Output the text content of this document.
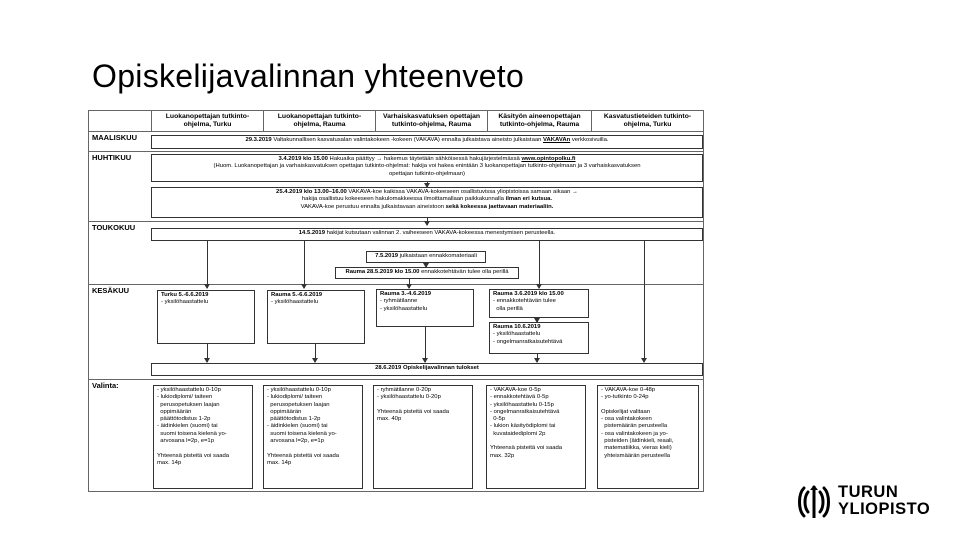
Opiskelijavalinnan yhteenveto
Luokanopettajan tutkinto-
ohjelma, Turku
Luokanopettajan tutkinto-
ohjelma, Rauma
Varhaiskasvatuksen opettajan
tutkinto-ohjelma, Rauma
Käsityön aineenopettajan
tutkinto-ohjelma, Rauma
Kasvatustieteiden tutkinto-
ohjelma, Turku
MAALISKUU
HUHTIKUU
TOUKOKUU
KESÄKUU
Valinta:
29.3.2019 Valtakunnallisen kasvatusalan valintakokeen -kokeen (VAKAVA) ennalta julkaistava aineisto julkaistaan VAKAVAn verkkosivuilla.
3.4.2019 klo 15.00 Hakuaika päättyy → hakemus täytetään sähköisessä hakujärjestelmässä www.opintopolku.fi
(Huom. Luokanopettajan ja varhaiskasvatuksen opettajan tutkinto-ohjelmat: hakija voi hakea enintään 3 luokanopettajan tutkinto-ohjelmaan ja 3 varhaiskasvatuksen
opettajan tutkinto-ohjelmaan)
25.4.2019 klo 13.00–16.00 VAKAVA-koe kaikissa VAKAVA-kokeeseen osallistuvissa yliopistoissa samaan aikaan →
hakija osallistuu kokeeseen hakulomakkeessa ilmoittamallaan paikkakunnalla ilman eri kutsua.
VAKAVA-koe perustuu ennalta julkaistavaan aineistoon sekä kokeessa jaettavaan materiaaliin.
14.5.2019 hakijat kutsutaan valinnan 2. vaiheeseen VAKAVA-kokeessa menestymisen perusteella.
7.5.2019 julkaistaan ennakkomateriaali
Rauma 28.5.2019 klo 15.00 ennakkotehtävän tulee olla perillä
Turku 5.-6.6.2019
- yksilöhaastattelu
Rauma 5.-6.6.2019
- yksilöhaastattelu
Rauma 3.-4.6.2019
- ryhmätilanne
- yksilöhaastattelu
Rauma 3.6.2019 klo 15.00
- ennakkotehtävän tulee
olla perillä
Rauma 10.6.2019
- yksilöhaastattelu
- ongelmanratkaisutehtävä
28.6.2019 Opiskelijavalinnan tulokset
- yksilöhaastattelu 0-10p
- lukiodiplomi/ taiteen
perusopetuksen laajan
oppimäärän
päättötodistus 1-2p
- äidinkielen (suomi) tai
suomi toisena kielenä yo-
arvosana l=2p, e=1p

Yhteensä pisteitä voi saada
max. 14p
- yksilöhaastattelu 0-10p
- lukiodiplomi/ taiteen
perusopetuksen laajan
oppimäärän
päättötodistus 1-2p
- äidinkielen (suomi) tai
suomi toisena kielenä yo-
arvosana l=2p, e=1p

Yhteensä pisteitä voi saada
max. 14p
- ryhmätilanne 0-20p
- yksilöhaastattelu 0-20p

Yhteensä pisteitä voi saada
max. 40p
- VAKAVA-koe 0-5p
- ennakkotehtävä 0-5p
- yksilöhaastattelu 0-15p
- ongelmanratkaisutehtävä
0-5p
- lukion käsityödiplomi tai
kuvataidediplomi 2p

Yhteensä pisteitä voi saada
max. 32p
- VAKAVA-koe 0-48p
- yo-tutkinto 0-24p

Opiskelijat valitaan
- osa valintakokeen
pistemäärän perusteella
- osa valintakokeen ja yo-
pisteiden (äidinkieli, reaali,
matematiikka, vieras kieli)
yhteismäärän perusteella
TURUN
YLIOPISTO
